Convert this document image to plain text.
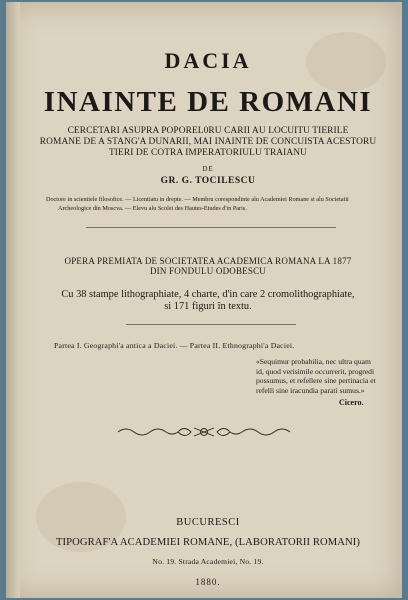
DACIA
INAINTE DE ROMANI
CERCETARI ASUPRA POPOREL0RU CARII AU LOCUITU TIERILE
ROMANE DE A STANG'A DUNARII, MAI INAINTE DE CONCUISTA ACESTORU
TIERI DE COTRA IMPERATORIULU TRAIANU
DE
GR. G. TOCILESCU
Doctore in scientiele filosofice. — Licentiatu in drepte. — Membru corespondinte alu Academiei Romane si alu Societatii
Archeologice din Moscva. — Elevu alu Scolei des Hautes-Etudes d'in Paris.
OPERA PREMIATA DE SOCIETATEA ACADEMICA ROMANA LA 1877
DIN FONDULU ODOBESCU
Cu 38 stampe lithographiate, 4 charte, d'in care 2 cromolithographiate,
si 171 figuri în textu.
Partea I. Geographi'a antica a Daciei. — Partea II. Ethnographi'a Daciei.
«Sequimur probabilia, nec ultra quam
id, quod verisimile occurrerit, progredi
possumus, et refellere sine pertinacia et
refelli sine iracundia parati sumus.»
Cicero.
BUCURESCI
TIPOGRAF'A ACADEMIEI ROMANE, (LABORATORII ROMANI)
No. 19. Strada Academiei, No. 19.
1880.
